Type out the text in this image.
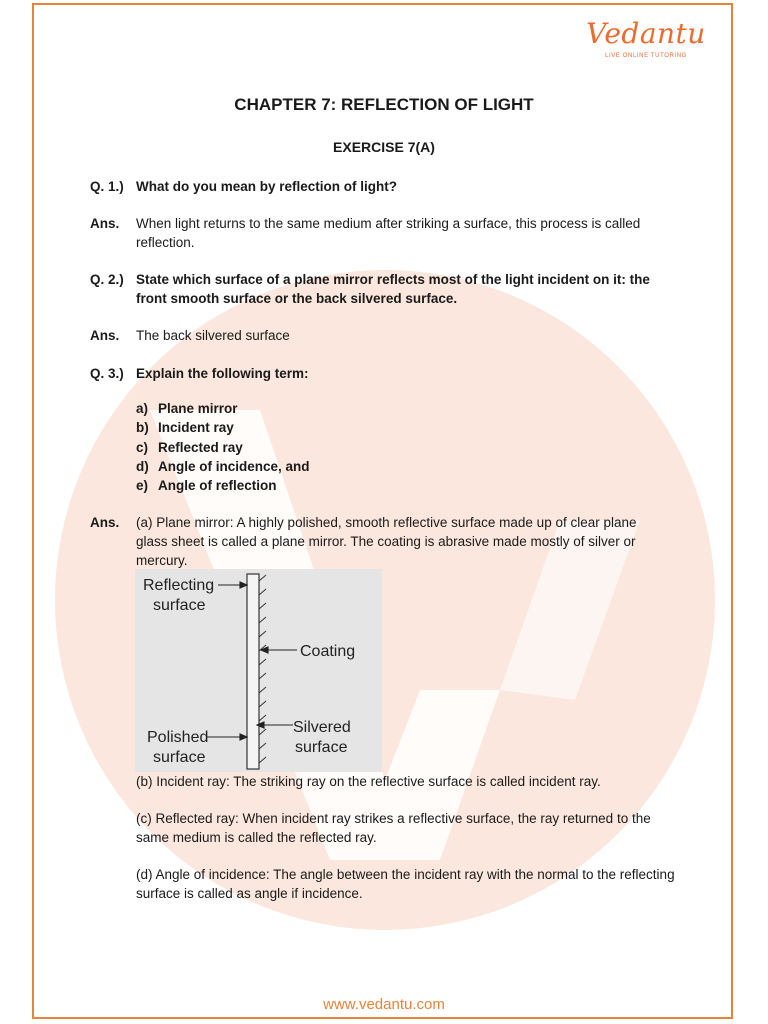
Vedantu
LIVE ONLINE TUTORING
CHAPTER 7: REFLECTION OF LIGHT
EXERCISE 7(A)
Q. 1.) What do you mean by reflection of light?
Ans.	When light returns to the same medium after striking a surface, this process is called reflection.
Q. 2.) State which surface of a plane mirror reflects most of the light incident on it: the front smooth surface or the back silvered surface.
Ans.	The back silvered surface
Q. 3.) Explain the following term:
a) Plane mirror
b) Incident ray
c) Reflected ray
d) Angle of incidence, and
e) Angle of reflection
Ans.	(a) Plane mirror: A highly polished, smooth reflective surface made up of clear plane glass sheet is called a plane mirror. The coating is abrasive made mostly of silver or mercury.
Reflecting
surface
Coating
Silvered
surface
Polished
surface
(b) Incident ray: The striking ray on the reflective surface is called incident ray.
(c) Reflected ray: When incident ray strikes a reflective surface, the ray returned to the same medium is called the reflected ray.
(d) Angle of incidence: The angle between the incident ray with the normal to the reflecting surface is called as angle if incidence.
www.vedantu.com
